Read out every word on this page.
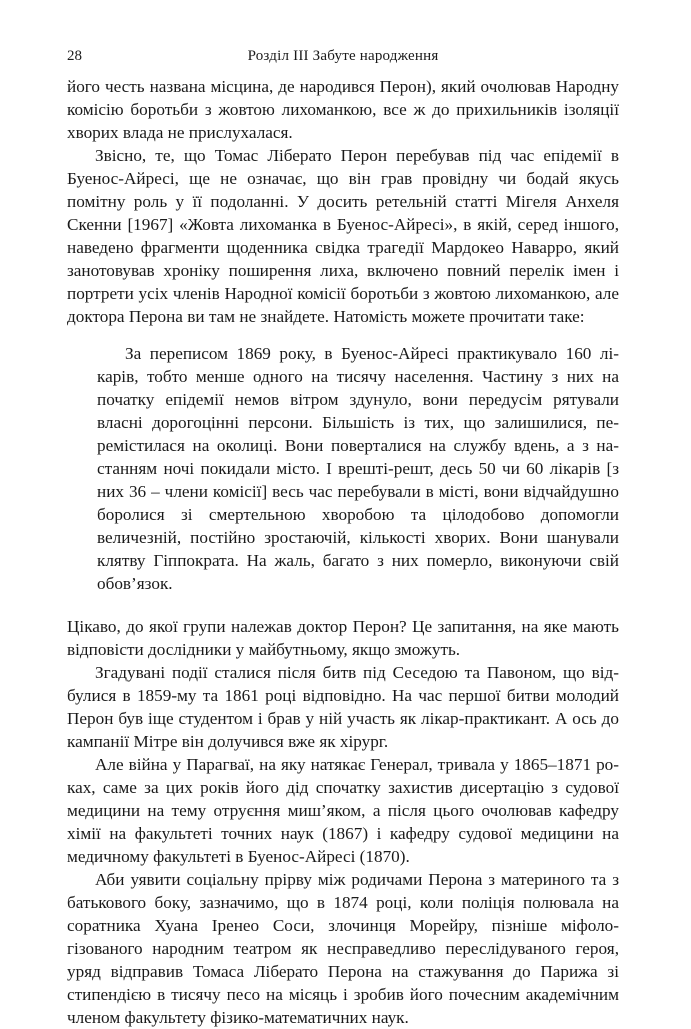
28	Розділ III Забуте народження

його честь названа місцина, де народився Перон), який очолював Народну комісію боротьби з жовтою лихоманкою, все ж до прихильників ізоляції хворих влада не прислухалася.

Звісно, те, що Томас Ліберато Перон перебував під час епідемії в Буенос-Айресі, ще не означає, що він грав провідну чи бодай якусь помітну роль у її подоланні. У досить ретельній статті Мігеля Анхеля Скенни [1967] «Жовта лихоманка в Буенос-Айресі», в якій, серед іншого, наведено фрагменти щоденника свідка трагедії Мардокео Наварро, який занотовував хроніку поширення лиха, включено повний перелік імен і портрети усіх членів Народної комісії боротьби з жовтою лихоманкою, але доктора Перона ви там не знайдете. Натомість можете прочитати таке:

За переписом 1869 року, в Буенос-Айресі практикувало 160 лікарів, тобто менше одного на тисячу населення. Частину з них на початку епідемії немов вітром здунуло, вони передусім рятували власні дорогоцінні персони. Більшість із тих, що залишилися, перемістилася на околиці. Вони поверталися на службу вдень, а з настанням ночі покидали місто. І врешті-решт, десь 50 чи 60 лікарів [з них 36 – члени комісії] весь час перебували в місті, вони відчайдушно боролися зі смертельною хворобою та цілодобово допомогли величезній, постійно зростаючій, кількості хворих. Вони шанували клятву Гіппократа. На жаль, багато з них померло, виконуючи свій обов’язок.

Цікаво, до якої групи належав доктор Перон? Це запитання, на яке мають відповісти дослідники у майбутньому, якщо зможуть.

Згадувані події сталися після битв під Сеседою та Павоном, що відбулися в 1859-му та 1861 році відповідно. На час першої битви молодий Перон був іще студентом і брав у ній участь як лікар-практикант. А ось до кампанії Мітре він долучився вже як хірург.

Але війна у Парагваї, на яку натякає Генерал, тривала у 1865–1871 роках, саме за цих років його дід спочатку захистив дисертацію з судової медицини на тему отруєння миш’яком, а після цього очолював кафедру хімії на факультеті точних наук (1867) і кафедру судової медицини на медичному факультеті в Буенос-Айресі (1870).

Аби уявити соціальну прірву між родичами Перона з материного та з батькового боку, зазначимо, що в 1874 році, коли поліція полювала на соратника Хуана Ірeнео Соси, злочинця Морейру, пізніше міфологізованого народним театром як несправедливо переслідуваного героя, уряд відправив Томаса Ліберато Перона на стажування до Парижа зі стипендією в тисячу песо на місяць і зробив його почесним академічним членом факультету фізико-математичних наук.
